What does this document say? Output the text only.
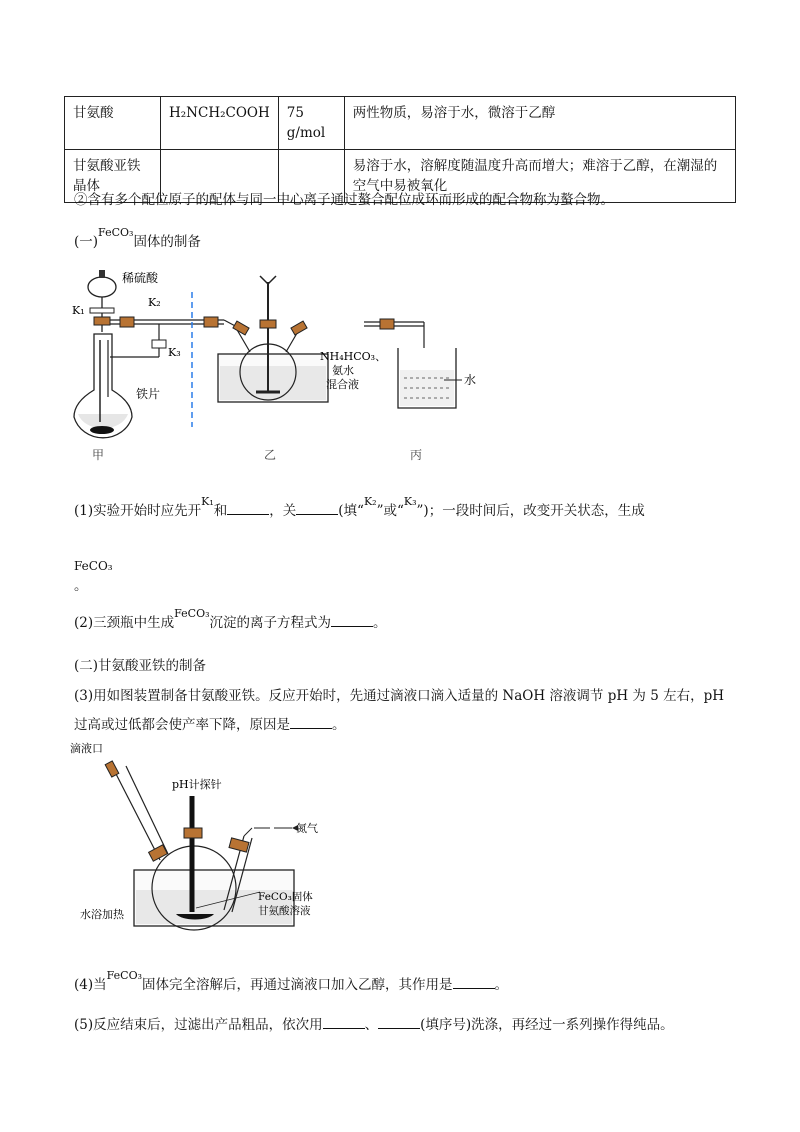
甘氨酸	H₂NCH₂COOH	75 g/mol	两性物质，易溶于水，微溶于乙醇
甘氨酸亚铁晶体			易溶于水，溶解度随温度升高而增大；难溶于乙醇，在潮湿的空气中易被氧化
②含有多个配位原子的配体与同一中心离子通过螯合配位成环而形成的配合物称为螯合物。
(一)$^{FeCO_3}$固体的制备
稀硫酸
K₁
K₂
K₃
铁片
NH₄HCO₃、
氨水
混合液	水
甲	乙	丙
(1)实验开始时应先开$^{K_1}$和	，关	(填“$^{K_2}$”或“$^{K_3}$”)；一段时间后，改变开关状态，生成
FeCO₃
。
(2)三颈瓶中生成$^{FeCO_3}$沉淀的离子方程式为	。
(二)甘氨酸亚铁的制备
(3)用如图装置制备甘氨酸亚铁。反应开始时，先通过滴液口滴入适量的 NaOH 溶液调节 pH 为 5 左右，pH
过高或过低都会使产率下降，原因是	。
滴液口
pH计探针
氮气
FeCO₃固体
甘氨酸溶液
水浴加热
(4)当$^{FeCO_3}$固体完全溶解后，再通过滴液口加入乙醇，其作用是	。
(5)反应结束后，过滤出产品粗品，依次用	、	(填序号)洗涤，再经过一系列操作得纯品。
